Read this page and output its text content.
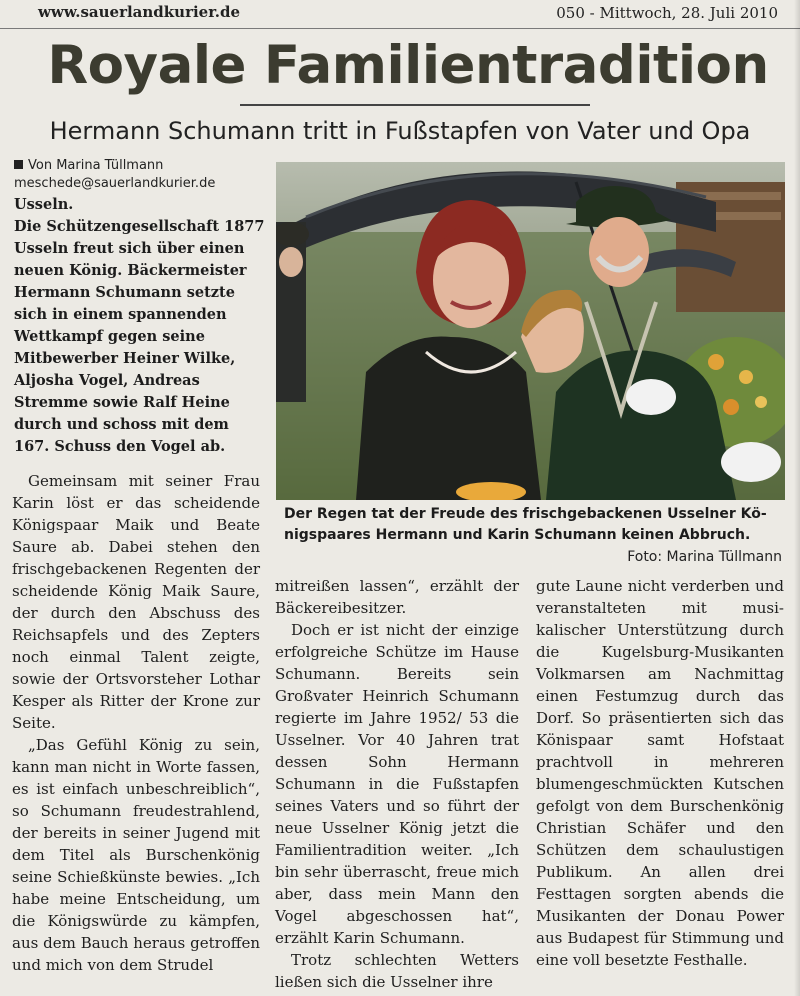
www.sauerlandkurier.de	050 - Mittwoch, 28. Juli 2010
Royale Familientradition
Hermann Schumann tritt in Fußstapfen von Vater und Opa
Von Marina Tüllmann
meschede@sauerlandkurier.de
Usseln.
Die Schützengesellschaft 1877 Usseln freut sich über einen neuen König. Bäckermeister Hermann Schumann setzte sich in einem spannenden Wettkampf gegen seine Mitbewerber Heiner Wilke, Aljosha Vogel, Andreas Stremme sowie Ralf Heine durch und schoss mit dem 167. Schuss den Vogel ab.
Der Regen tat der Freude des frischgebackenen Usselner Königspaares Hermann und Karin Schumann keinen Abbruch.
Foto: Marina Tüllmann

Gemeinsam mit seiner Frau Karin löst er das scheidende Königspaar Maik und Beate Saure ab. Dabei stehen den frischgebackenen Regenten der scheidende König Maik Saure, der durch den Abschuss des Reichsapfels und des Zepters noch einmal Talent zeigte, sowie der Ortsvorsteher Lothar Kesper als Ritter der Krone zur Seite.

„Das Gefühl König zu sein, kann man nicht in Worte fassen, es ist einfach unbeschreiblich“, so Schumann freudestrahlend, der bereits in seiner Jugend mit dem Titel als Burschenkönig seine Schießkünste bewies. „Ich habe meine Entscheidung, um die Königswürde zu kämpfen, aus dem Bauch heraus getroffen und mich von dem Strudel

mitreißen lassen“, erzählt der Bäckereibesitzer.

Doch er ist nicht der einzige erfolgreiche Schütze im Hause Schumann. Bereits sein Großvater Heinrich Schumann regierte im Jahre 1952/ 53 die Usselner. Vor 40 Jahren trat dessen Sohn Hermann Schumann in die Fußstapfen seines Vaters und so führt der neue Usselner König jetzt die Familientradition weiter. „Ich bin sehr überrascht, freue mich aber, dass mein Mann den Vogel abgeschossen hat“, erzählt Karin Schumann.

Trotz schlechten Wetters ließen sich die Usselner ihre

gute Laune nicht verderben und veranstalteten mit musikalischer Unterstützung durch die Kugelsburg-Musikanten Volkmarsen am Nachmittag einen Festumzug durch das Dorf. So präsentierten sich das Könispaar samt Hofstaat prachtvoll in mehreren blumengeschmückten Kutschen gefolgt von dem Burschenkönig Christian Schäfer und den Schützen dem schaulustigen Publikum. An allen drei Festtagen sorgten abends die Musikanten der Donau Power aus Budapest für Stimmung und eine voll besetzte Festhalle.
